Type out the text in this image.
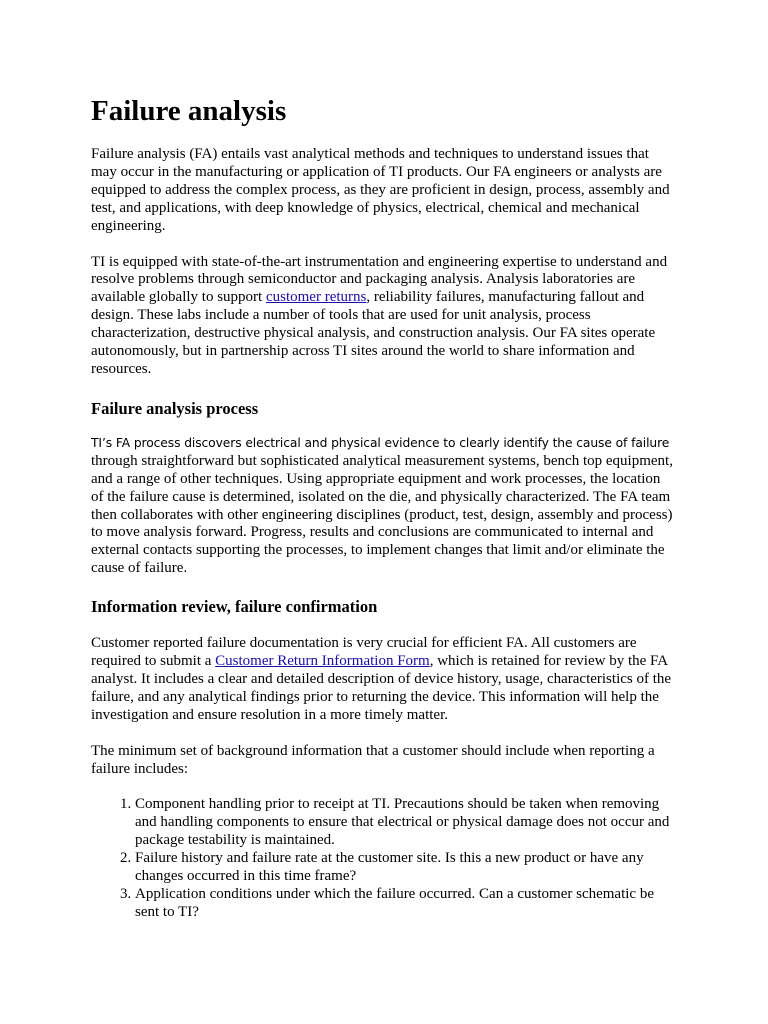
Failure analysis

Failure analysis (FA) entails vast analytical methods and techniques to understand issues that may occur in the manufacturing or application of TI products. Our FA engineers or analysts are equipped to address the complex process, as they are proficient in design, process, assembly and test, and applications, with deep knowledge of physics, electrical, chemical and mechanical engineering.

TI is equipped with state-of-the-art instrumentation and engineering expertise to understand and resolve problems through semiconductor and packaging analysis. Analysis laboratories are available globally to support customer returns, reliability failures, manufacturing fallout and design. These labs include a number of tools that are used for unit analysis, process characterization, destructive physical analysis, and construction analysis. Our FA sites operate autonomously, but in partnership across TI sites around the world to share information and resources.

Failure analysis process

TI’s FA process discovers electrical and physical evidence to clearly identify the cause of failure through straightforward but sophisticated analytical measurement systems, bench top equipment, and a range of other techniques. Using appropriate equipment and work processes, the location of the failure cause is determined, isolated on the die, and physically characterized. The FA team then collaborates with other engineering disciplines (product, test, design, assembly and process) to move analysis forward. Progress, results and conclusions are communicated to internal and external contacts supporting the processes, to implement changes that limit and/or eliminate the cause of failure.

Information review, failure confirmation

Customer reported failure documentation is very crucial for efficient FA. All customers are required to submit a Customer Return Information Form, which is retained for review by the FA analyst. It includes a clear and detailed description of device history, usage, characteristics of the failure, and any analytical findings prior to returning the device. This information will help the investigation and ensure resolution in a more timely matter.

The minimum set of background information that a customer should include when reporting a failure includes:

1. Component handling prior to receipt at TI. Precautions should be taken when removing and handling components to ensure that electrical or physical damage does not occur and package testability is maintained.
2. Failure history and failure rate at the customer site. Is this a new product or have any changes occurred in this time frame?
3. Application conditions under which the failure occurred. Can a customer schematic be sent to TI?
